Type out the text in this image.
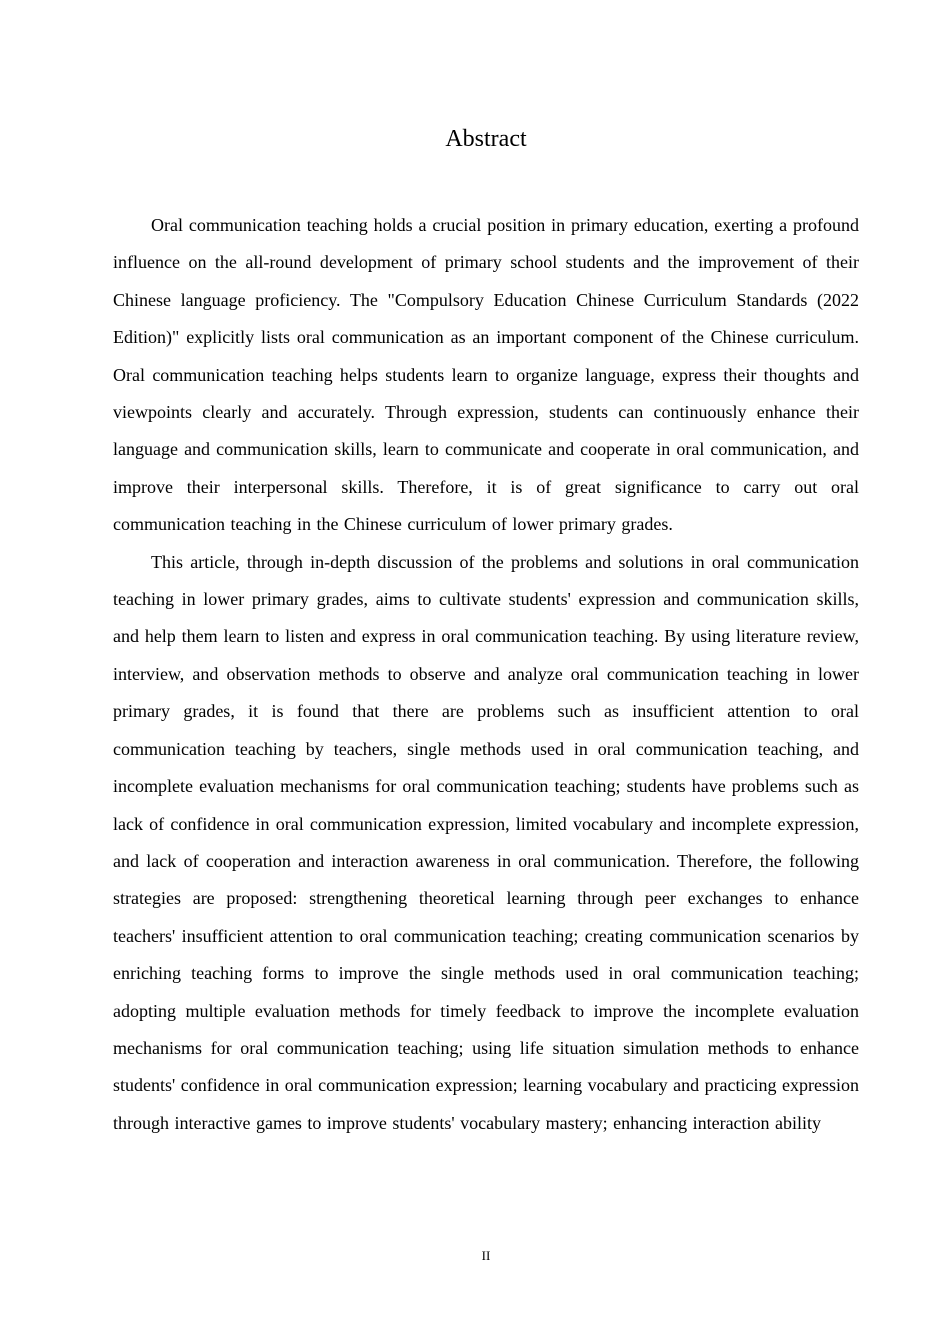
Abstract

Oral communication teaching holds a crucial position in primary education, exerting a profound influence on the all-round development of primary school students and the improvement of their Chinese language proficiency. The "Compulsory Education Chinese Curriculum Standards (2022 Edition)" explicitly lists oral communication as an important component of the Chinese curriculum. Oral communication teaching helps students learn to organize language, express their thoughts and viewpoints clearly and accurately. Through expression, students can continuously enhance their language and communication skills, learn to communicate and cooperate in oral communication, and improve their interpersonal skills. Therefore, it is of great significance to carry out oral communication teaching in the Chinese curriculum of lower primary grades.

This article, through in-depth discussion of the problems and solutions in oral communication teaching in lower primary grades, aims to cultivate students' expression and communication skills, and help them learn to listen and express in oral communication teaching. By using literature review, interview, and observation methods to observe and analyze oral communication teaching in lower primary grades, it is found that there are problems such as insufficient attention to oral communication teaching by teachers, single methods used in oral communication teaching, and incomplete evaluation mechanisms for oral communication teaching; students have problems such as lack of confidence in oral communication expression, limited vocabulary and incomplete expression, and lack of cooperation and interaction awareness in oral communication. Therefore, the following strategies are proposed: strengthening theoretical learning through peer exchanges to enhance teachers' insufficient attention to oral communication teaching; creating communication scenarios by enriching teaching forms to improve the single methods used in oral communication teaching; adopting multiple evaluation methods for timely feedback to improve the incomplete evaluation mechanisms for oral communication teaching; using life situation simulation methods to enhance students' confidence in oral communication expression; learning vocabulary and practicing expression through interactive games to improve students' vocabulary mastery; enhancing interaction ability

II
